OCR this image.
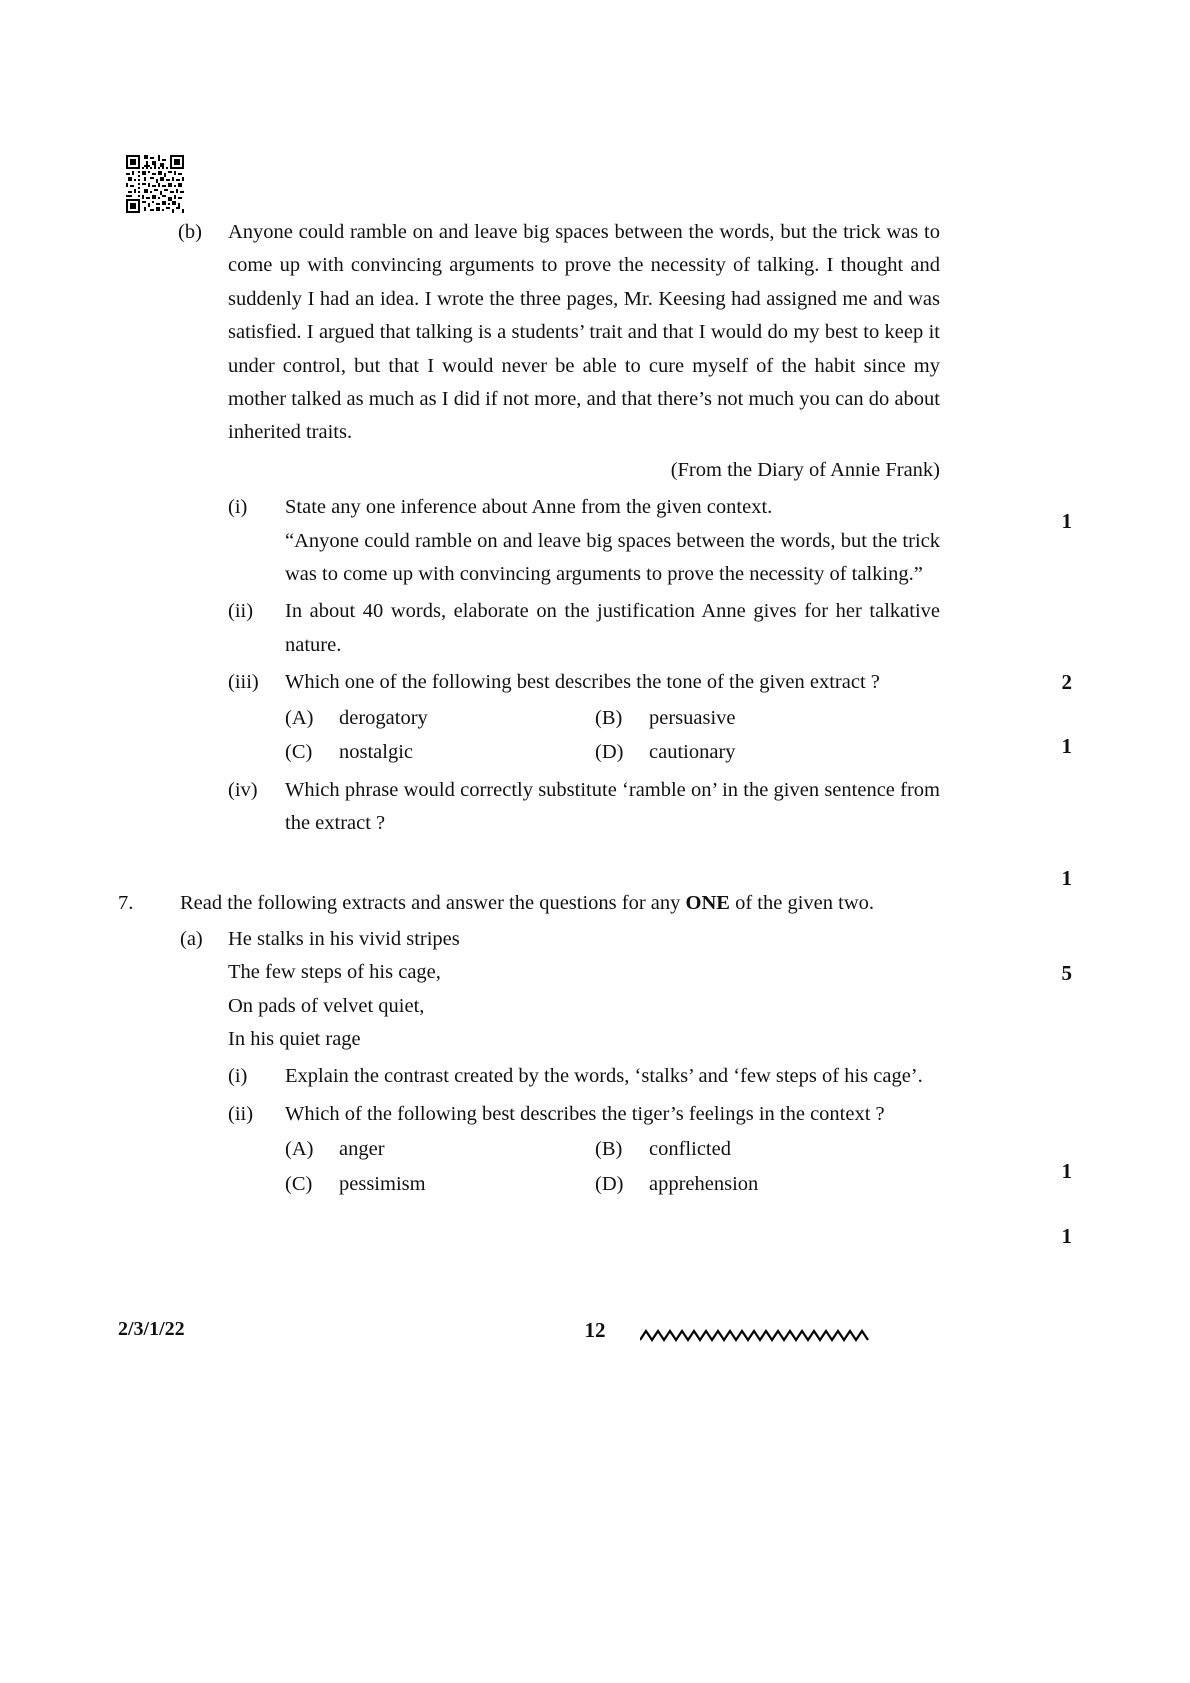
(b)	Anyone could ramble on and leave big spaces between the words, but the trick was to come up with convincing arguments to prove the necessity of talking. I thought and suddenly I had an idea. I wrote the three pages, Mr. Keesing had assigned me and was satisfied. I argued that talking is a students’ trait and that I would do my best to keep it under control, but that I would never be able to cure myself of the habit since my mother talked as much as I did if not more, and that there’s not much you can do about inherited traits.
(From the Diary of Annie Frank)
(i)	State any one inference about Anne from the given context.
“Anyone could ramble on and leave big spaces between the words, but the trick was to come up with convincing arguments to prove the necessity of talking.”
(ii)	In about 40 words, elaborate on the justification Anne gives for her talkative nature.
(iii)	Which one of the following best describes the tone of the given extract ?
(A)	derogatory	(B)	persuasive
(C)	nostalgic	(D)	cautionary
(iv)	Which phrase would correctly substitute ‘ramble on’ in the given sentence from the extract ?
7.	Read the following extracts and answer the questions for any ONE of the given two.
(a)	He stalks in his vivid stripes
The few steps of his cage,
On pads of velvet quiet,
In his quiet rage
(i)	Explain the contrast created by the words, ‘stalks’ and ‘few steps of his cage’.
(ii)	Which of the following best describes the tiger’s feelings in the context ?
(A)	anger	(B)	conflicted
(C)	pessimism	(D)	apprehension
1
2
1
1
5
1
1
2/3/1/22	12
